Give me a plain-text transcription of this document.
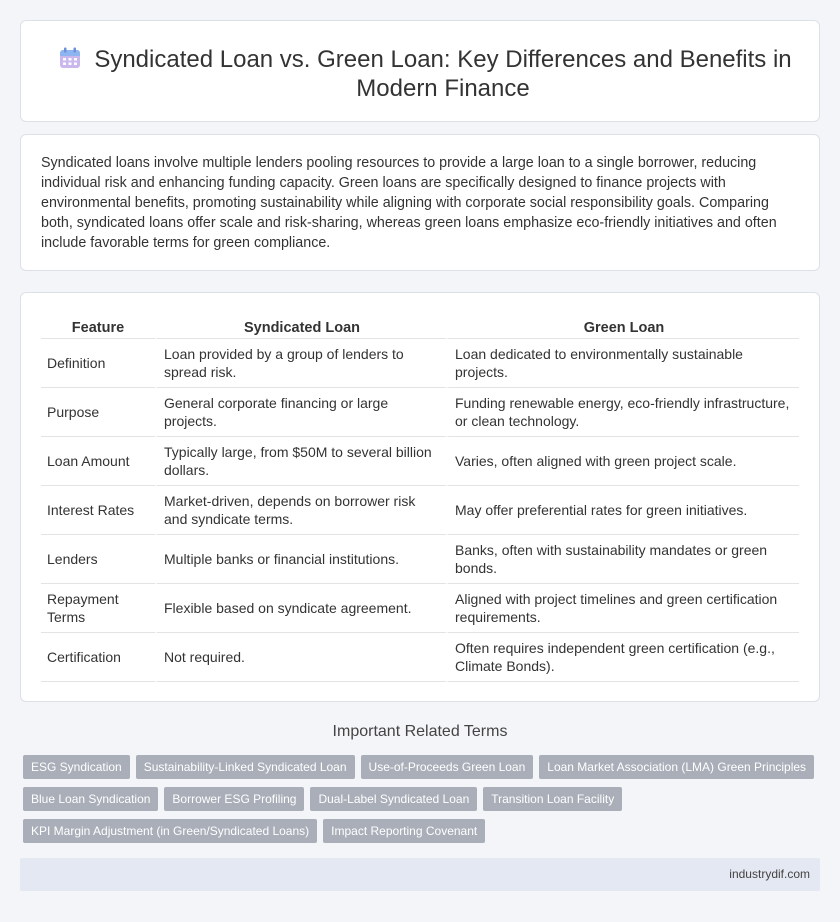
Syndicated Loan vs. Green Loan: Key Differences and Benefits in Modern Finance

Syndicated loans involve multiple lenders pooling resources to provide a large loan to a single borrower, reducing individual risk and enhancing funding capacity. Green loans are specifically designed to finance projects with environmental benefits, promoting sustainability while aligning with corporate social responsibility goals. Comparing both, syndicated loans offer scale and risk-sharing, whereas green loans emphasize eco-friendly initiatives and often include favorable terms for green compliance.

Feature	Syndicated Loan	Green Loan
Definition	Loan provided by a group of lenders to spread risk.	Loan dedicated to environmentally sustainable projects.
Purpose	General corporate financing or large projects.	Funding renewable energy, eco-friendly infrastructure, or clean technology.
Loan Amount	Typically large, from $50M to several billion dollars.	Varies, often aligned with green project scale.
Interest Rates	Market-driven, depends on borrower risk and syndicate terms.	May offer preferential rates for green initiatives.
Lenders	Multiple banks or financial institutions.	Banks, often with sustainability mandates or green bonds.
Repayment Terms	Flexible based on syndicate agreement.	Aligned with project timelines and green certification requirements.
Certification	Not required.	Often requires independent green certification (e.g., Climate Bonds).
Important Related Terms
ESG Syndication	Sustainability-Linked Syndicated Loan	Use-of-Proceeds Green Loan	Loan Market Association (LMA) Green Principles
Blue Loan Syndication	Borrower ESG Profiling	Dual-Label Syndicated Loan	Transition Loan Facility
KPI Margin Adjustment (in Green/Syndicated Loans)	Impact Reporting Covenant
industrydif.com
